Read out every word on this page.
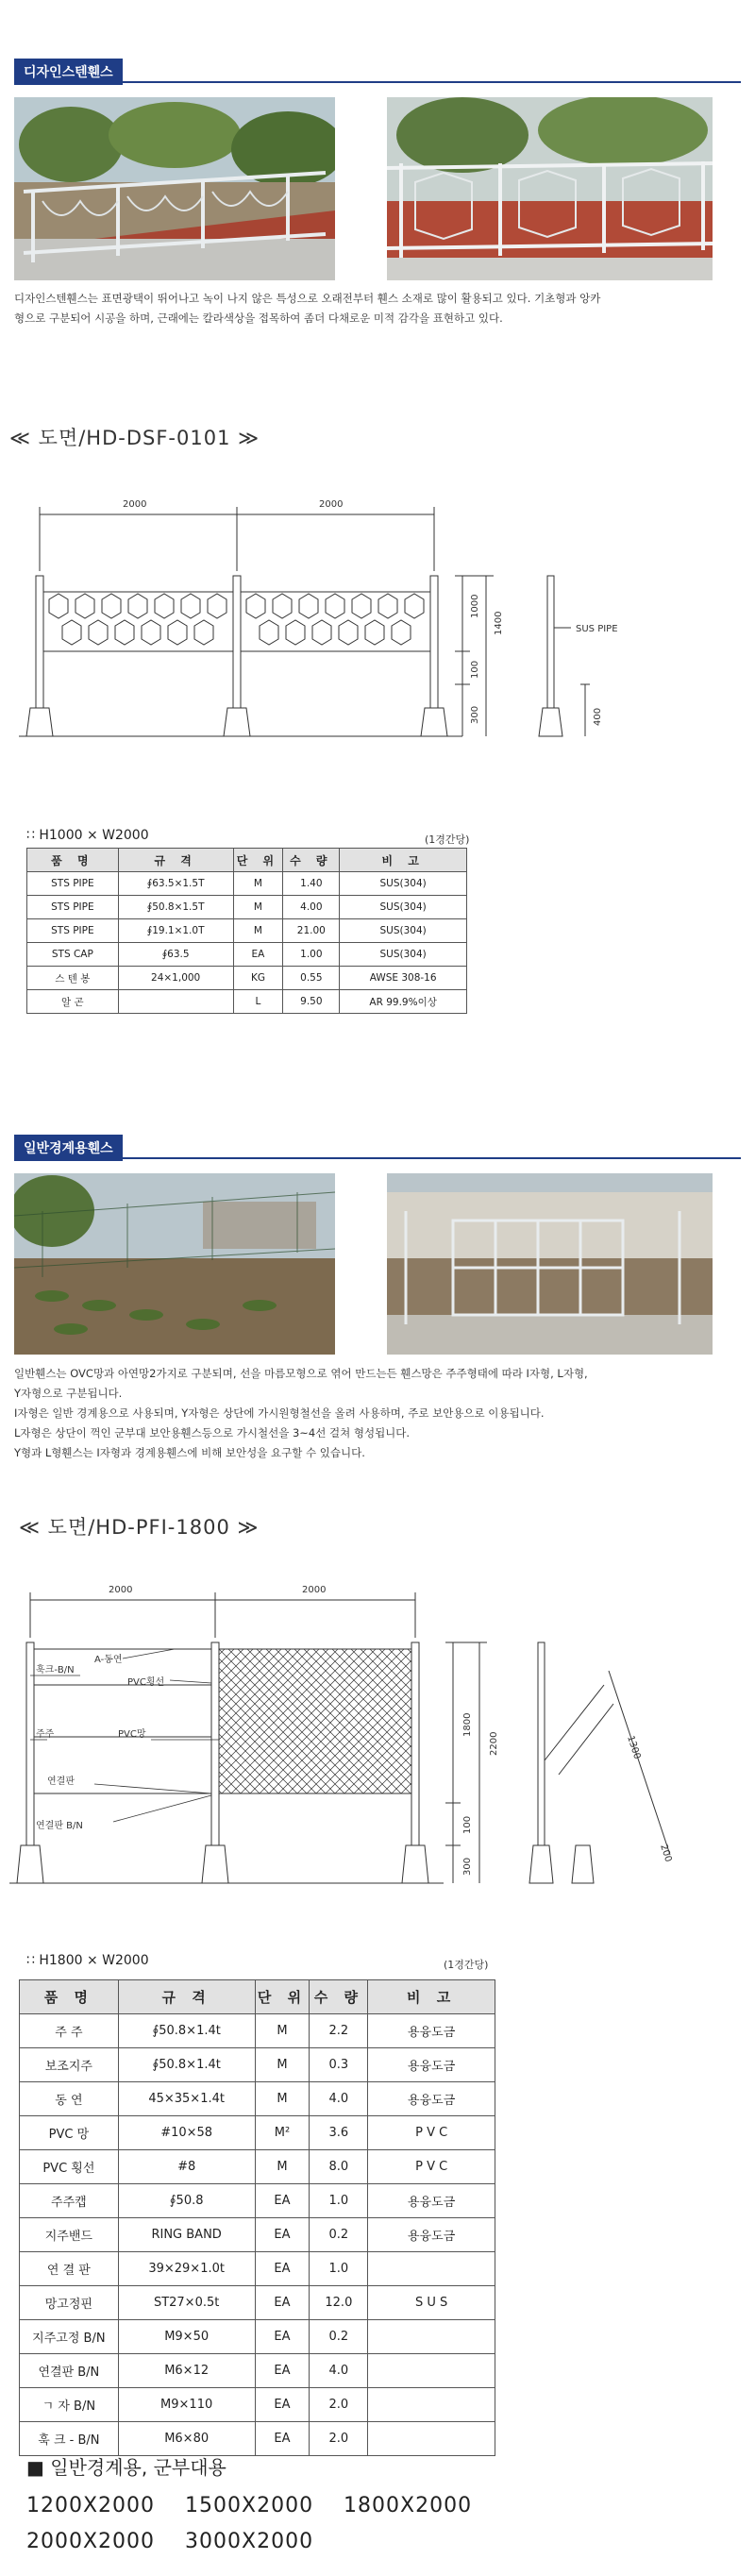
디자인스텐휀스
디자인스텐휀스는 표면광택이 뛰어나고 녹이 나지 않은 특성으로 오래전부터 휀스 소재로 많이 활용되고 있다. 기초형과 앙카
형으로 구분되어 시공을 하며, 근래에는 칼라색상을 접목하여 좀더 다채로운 미적 감각을 표현하고 있다.
≪ 도면/HD-DSF-0101 ≫
2000	2000
1000
1400
100
300
SUS PIPE
400
∷ H1000 × W2000	(1경간당)
품 명	규 격	단 위	수 량	비 고
STS PIPE	∮63.5×1.5T	M	1.40	SUS(304)
STS PIPE	∮50.8×1.5T	M	4.00	SUS(304)
STS PIPE	∮19.1×1.0T	M	21.00	SUS(304)
STS CAP	∮63.5	EA	1.00	SUS(304)
스 텐 봉	24×1,000	KG	0.55	AWSE 308-16
알 곤		L	9.50	AR 99.9%이상
일반경계용휀스
일반휀스는 OVC망과 아연망2가지로 구분되며, 선을 마름모형으로 엮어 만드는든 휀스망은 주주형태에 따라 I자형, L자형,
Y자형으로 구분됩니다.
I자형은 일반 경계용으로 사용되며, Y자형은 상단에 가시원형철선을 올려 사용하며, 주로 보안용으로 이용됩니다.
L자형은 상단이 꺽인 군부대 보안용휀스등으로 가시철선을 3~4선 걸쳐 형성됩니다.
Y형과 L형휀스는 I자형과 경계용휀스에 비해 보안성을 요구할 수 있습니다.
≪ 도면/HD-PFI-1800 ≫
2000	2000
A-동연
훅크-B/N
PVC횡선
주주	PVC망
연결판
연결판 B/N
1800
2200
100
300
1300
200
∷ H1800 × W2000	(1경간당)
품 명	규 격	단 위	수 량	비 고
주 주	∮50.8×1.4t	M	2.2	용융도금
보조지주	∮50.8×1.4t	M	0.3	용융도금
동 연	45×35×1.4t	M	4.0	용융도금
PVC 망	#10×58	M²	3.6	P V C
PVC 횡선	#8	M	8.0	P V C
주주캡	∮50.8	EA	1.0	용융도금
지주밴드	RING BAND	EA	0.2	용융도금
연 결 판	39×29×1.0t	EA	1.0	
망고정핀	ST27×0.5t	EA	12.0	S U S
지주고정 B/N	M9×50	EA	0.2	
연결판 B/N	M6×12	EA	4.0	
ㄱ 자 B/N	M9×110	EA	2.0	
훅 크 - B/N	M6×80	EA	2.0	
■ 일반경계용, 군부대용
1200X2000    1500X2000    1800X2000
2000X2000    3000X2000
